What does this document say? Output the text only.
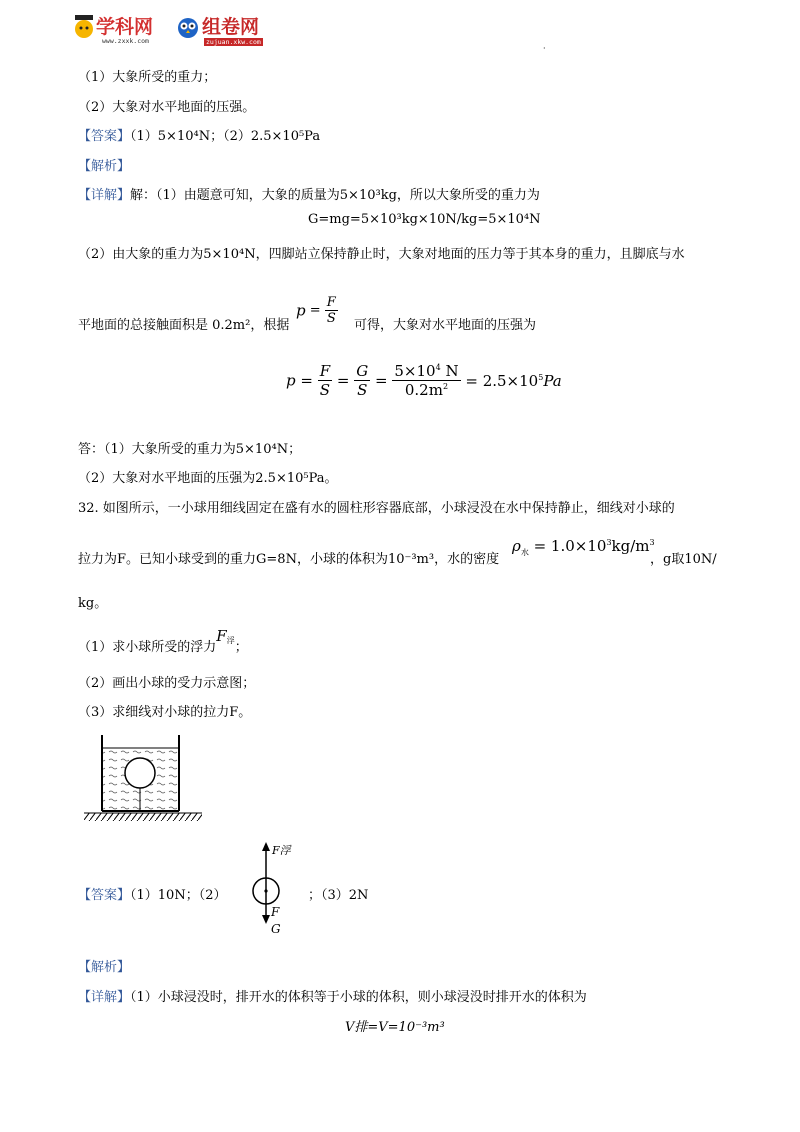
学科网
www.zxxk.com
组卷网
zujuan.xkw.com
·
（1）大象所受的重力；
（2）大象对水平地面的压强。
【答案】（1）5×10⁴N；（2）2.5×10⁵Pa
【解析】
【详解】解：（1）由题意可知，大象的质量为5×10³kg，所以大象所受的重力为
G=mg=5×10³kg×10N/kg=5×10⁴N
（2）由大象的重力为5×10⁴N，四脚站立保持静止时，大象对地面的压力等于其本身的重力，且脚底与水
平地面的总接触面积是 0.2m²，根据
$p = \frac{F}{S}$ 可得，大象对水平地面的压强为
$p = \frac{F}{S} = \frac{G}{S} = \frac{5\times 10^4 N}{0.2m^2} = 2.5\times 10^5Pa$
答：（1）大象所受的重力为5×10⁴N；
（2）大象对水平地面的压强为2.5×10⁵Pa。
32. 如图所示，一小球用细线固定在盛有水的圆柱形容器底部，小球浸没在水中保持静止，细线对小球的
拉力为F。已知小球受到的重力G=8N，小球的体积为10⁻³m³，水的密度
$\rho_水 = 1.0\times 10^3kg/m^3$
，g取10N/
kg。
（1）求小球所受的浮力$F^浮$；
（2）画出小球的受力示意图；
（3）求细线对小球的拉力F。
【答案】（1）10N；（2）
F浮
F
G
；（3）2N
【解析】
【详解】（1）小球浸没时，排开水的体积等于小球的体积，则小球浸没时排开水的体积为
V排=V=10⁻³m³
